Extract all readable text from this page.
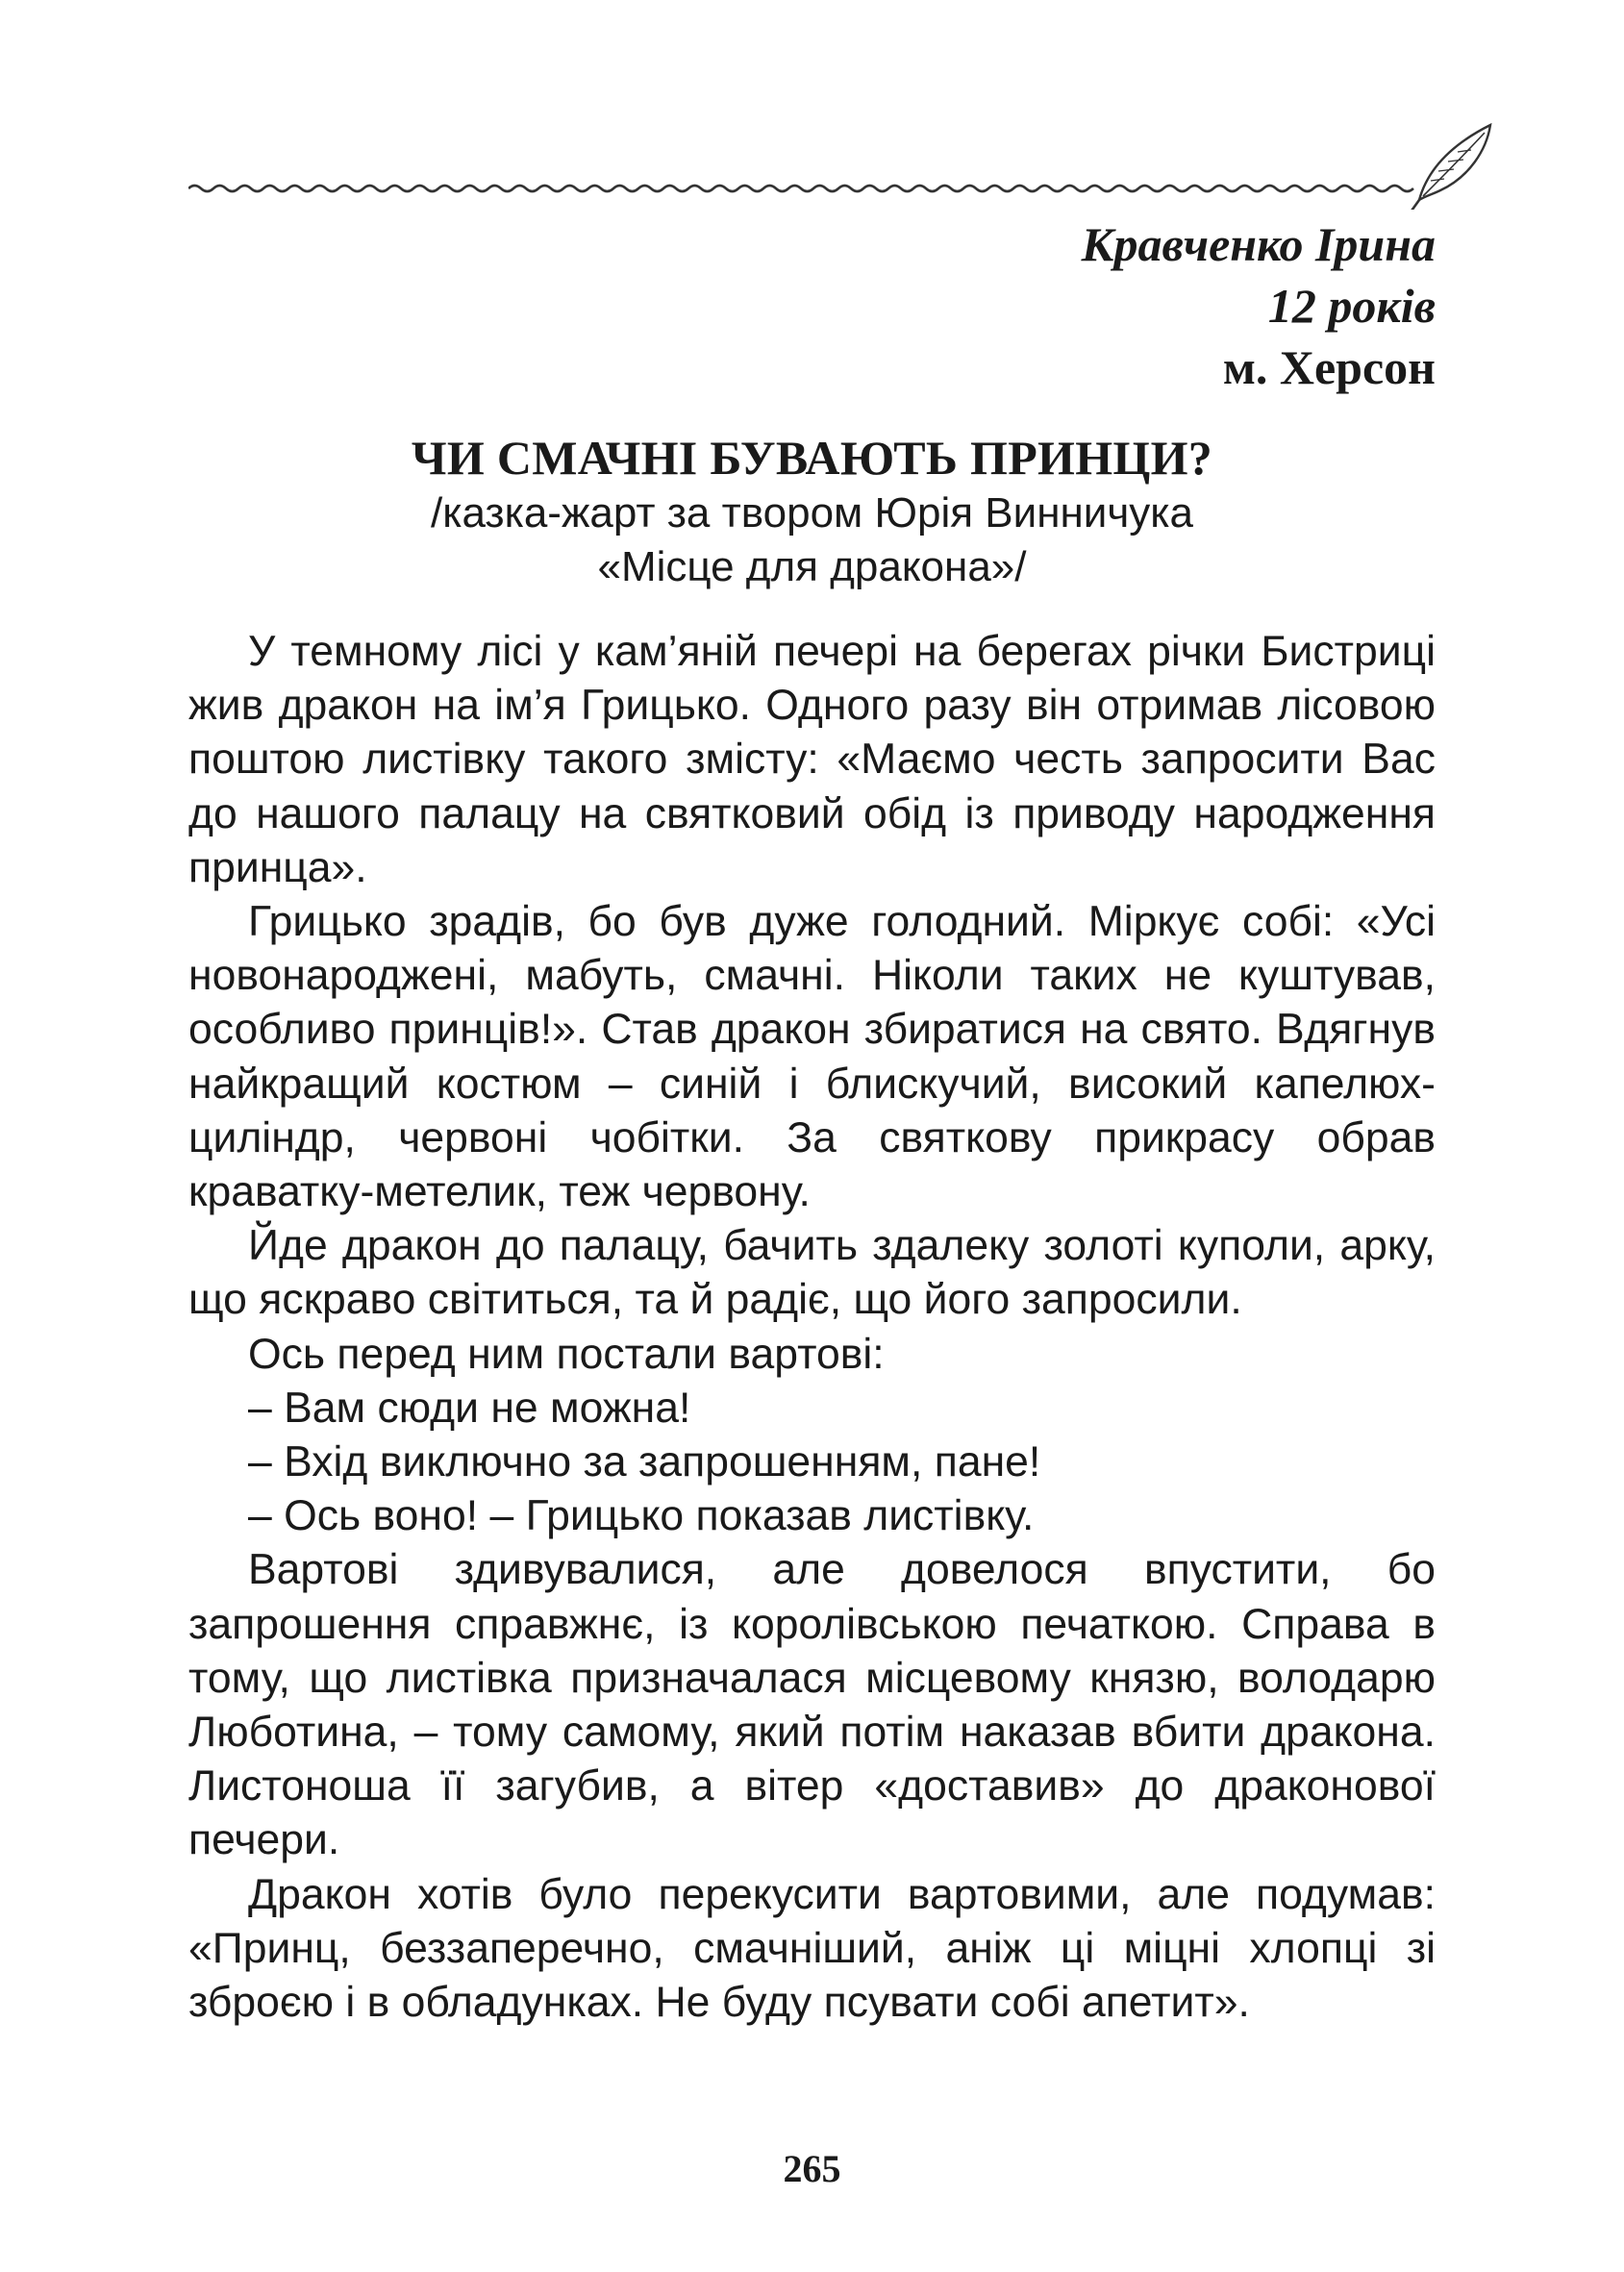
Кравченко Ірина
12 років
м. Херсон
ЧИ СМАЧНІ БУВАЮТЬ ПРИНЦИ?
/казка-жарт за твором Юрія Винничука
«Місце для дракона»/

У темному лісі у кам’яній печері на берегах річки Бистриці жив дракон на ім’я Грицько. Одного разу він отримав лісовою поштою листівку такого змісту: «Маємо честь запросити Вас до нашого палацу на святковий обід із приводу народження принца».

Грицько зрадів, бо був дуже голодний. Міркує собі: «Усі новонароджені, мабуть, смачні. Ніколи таких не куштував, особливо принців!». Став дракон збиратися на свято. Вдягнув найкращий костюм – синій і блискучий, високий капелюх-циліндр, червоні чобітки. За святкову прикрасу обрав краватку-метелик, теж червону.

Йде дракон до палацу, бачить здалеку золоті куполи, арку, що яскраво світиться, та й радіє, що його запросили.

Ось перед ним постали вартові:

– Вам сюди не можна!

– Вхід виключно за запрошенням, пане!

– Ось воно! – Грицько показав листівку.

Вартові здивувалися, але довелося впустити, бо запрошення справжнє, із королівською печаткою. Справа в тому, що листівка призначалася місцевому князю, володарю Люботина, – тому самому, який потім наказав вбити дракона. Листоноша її загубив, а вітер «доставив» до драконової печери.

Дракон хотів було перекусити вартовими, але подумав: «Принц, беззаперечно, смачніший, аніж ці міцні хлопці зі зброєю і в обладунках. Не буду псувати собі апетит».

265
